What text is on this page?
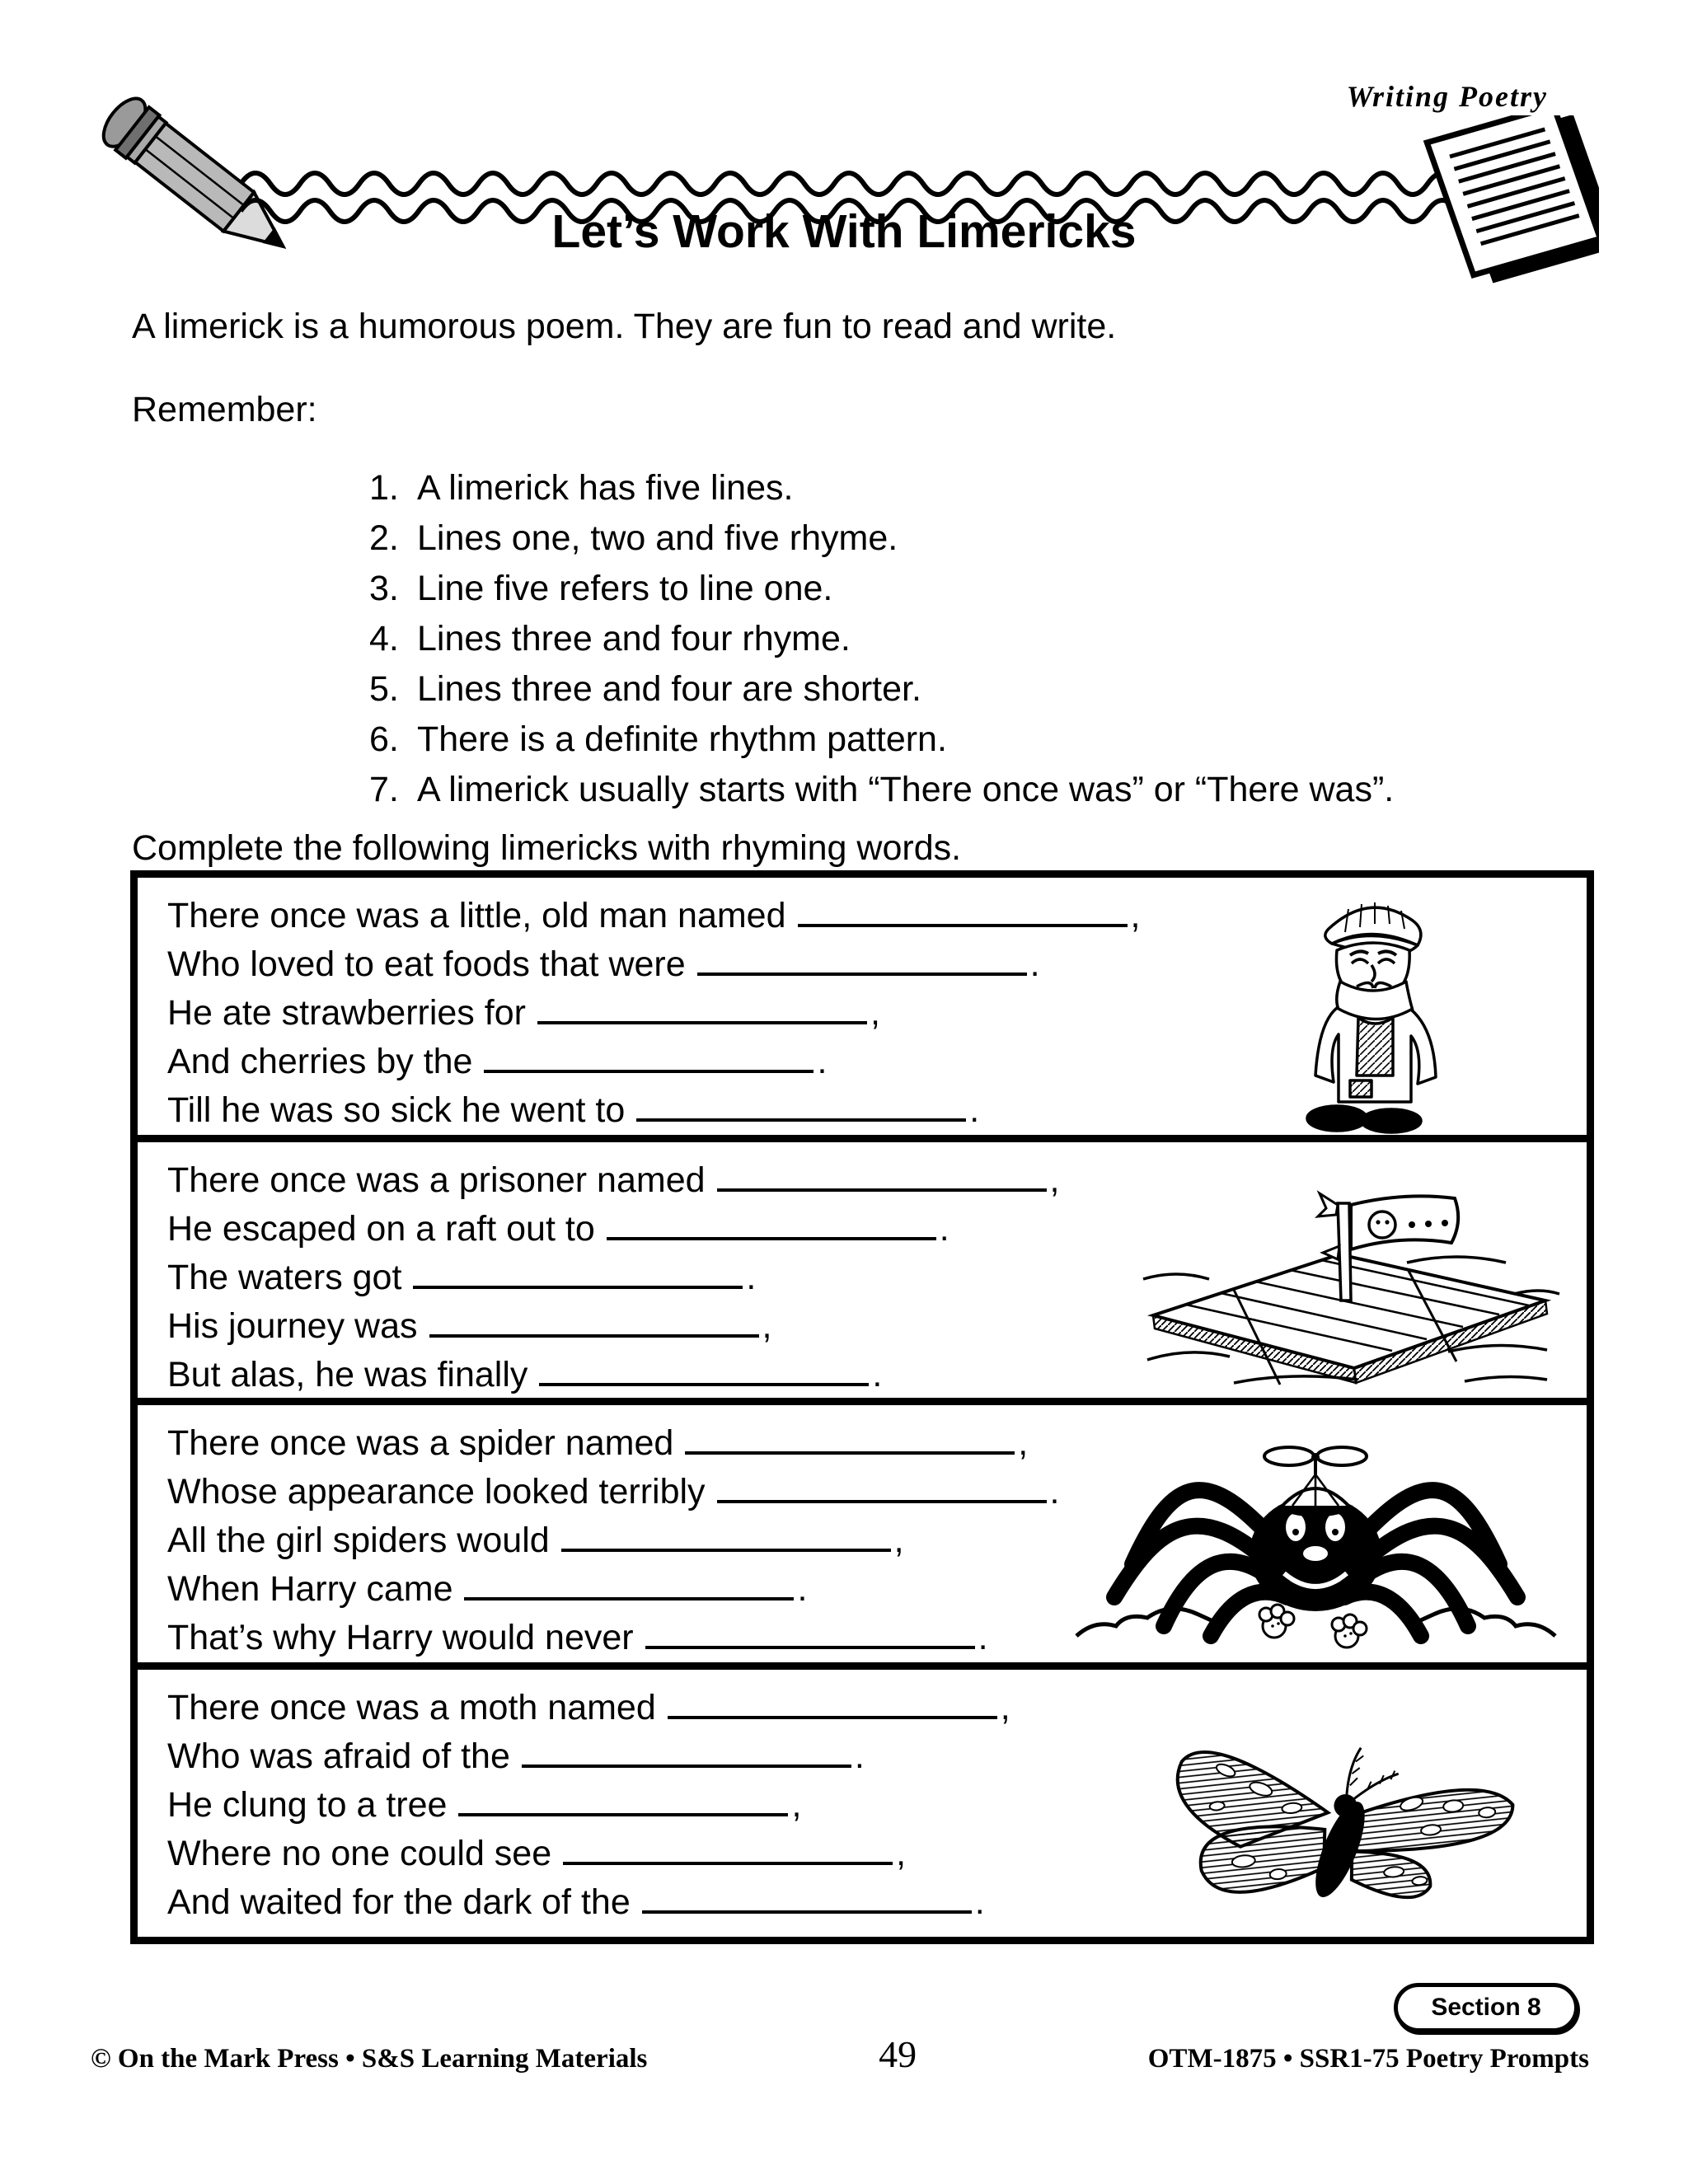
Writing Poetry
Let’s Work With Limericks

A limerick is a humorous poem. They are fun to read and write.

Remember:

1. A limerick has five lines.
2. Lines one, two and five rhyme.
3. Line five refers to line one.
4. Lines three and four rhyme.
5. Lines three and four are shorter.
6. There is a definite rhythm pattern.
7. A limerick usually starts with “There once was” or “There was”.

Complete the following limericks with rhyming words.

There once was a little, old man named	,
Who loved to eat foods that were	.
He ate strawberries for	,
And cherries by the	.
Till he was so sick he went to	.
There once was a prisoner named	,
He escaped on a raft out to	.
The waters got	.
His journey was	,
But alas, he was finally	.
There once was a spider named	,
Whose appearance looked terribly	.
All the girl spiders would	,
When Harry came	.
That’s why Harry would never	.
There once was a moth named	,
Who was afraid of the	.
He clung to a tree	,
Where no one could see	,
And waited for the dark of the	.
Section 8
© On the Mark Press • S&S Learning Materials	49	OTM-1875 • SSR1-75 Poetry Prompts
